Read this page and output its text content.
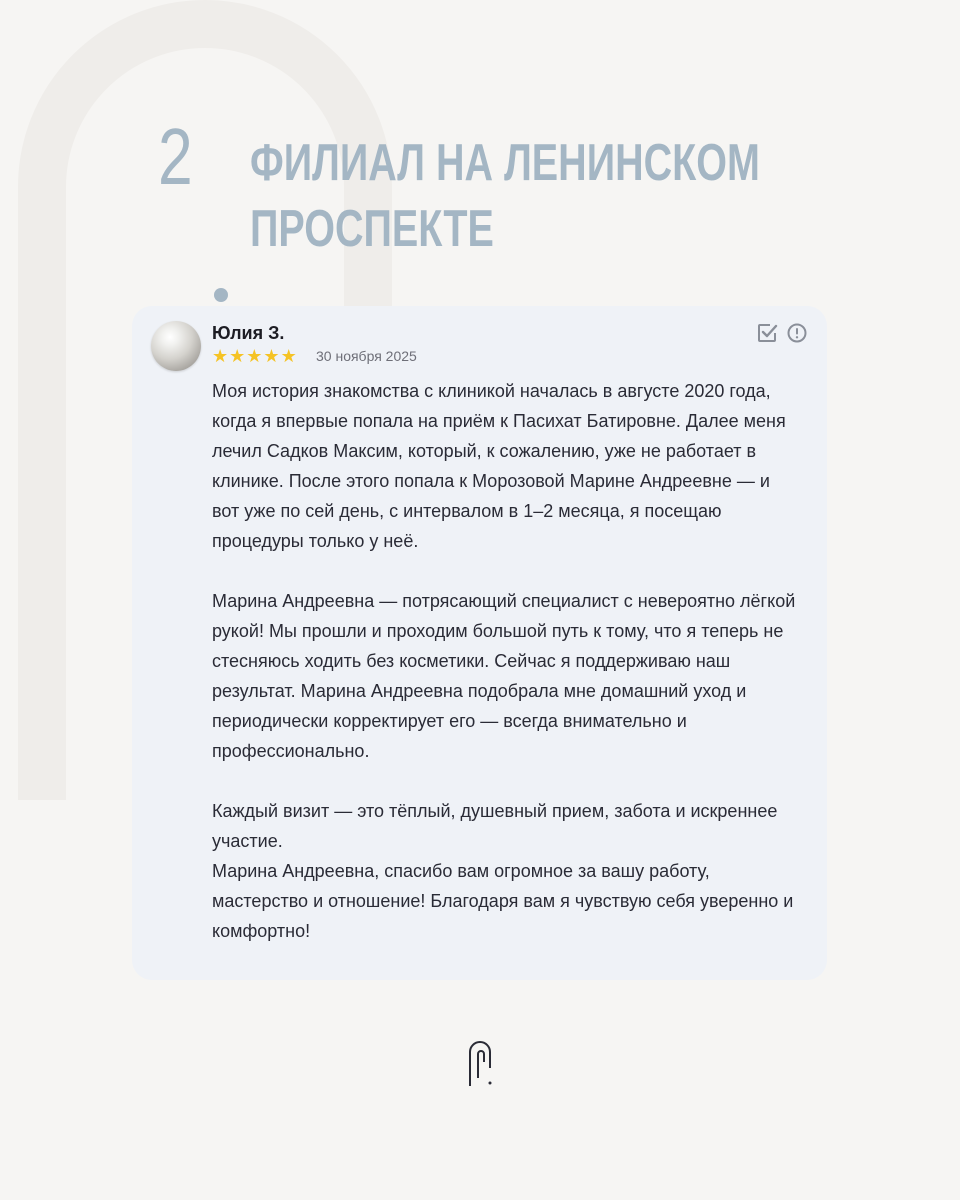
2	ФИЛИАЛ НА ЛЕНИНСКОМ
ПРОСПЕКТЕ
Юлия З.
★ ★ ★ ★ ★ 30 ноября 2025

Моя история знакомства с клиникой началась в августе 2020 года, когда я впервые попала на приём к Пасихат Батировне. Далее меня лечил Садков Максим, который, к сожалению, уже не работает в клинике. После этого попала к Морозовой Марине Андреевне — и вот уже по сей день, с интервалом в 1–2 месяца, я посещаю процедуры только у неё.

Марина Андреевна — потрясающий специалист с невероятно лёгкой рукой! Мы прошли и проходим большой путь к тому, что я теперь не стесняюсь ходить без косметики. Сейчас я поддерживаю наш результат. Марина Андреевна подобрала мне домашний уход и периодически корректирует его — всегда внимательно и профессионально.

Каждый визит — это тёплый, душевный прием, забота и искреннее участие.

Марина Андреевна, спасибо вам огромное за вашу работу, мастерство и отношение! Благодаря вам я чувствую себя уверенно и комфортно!
